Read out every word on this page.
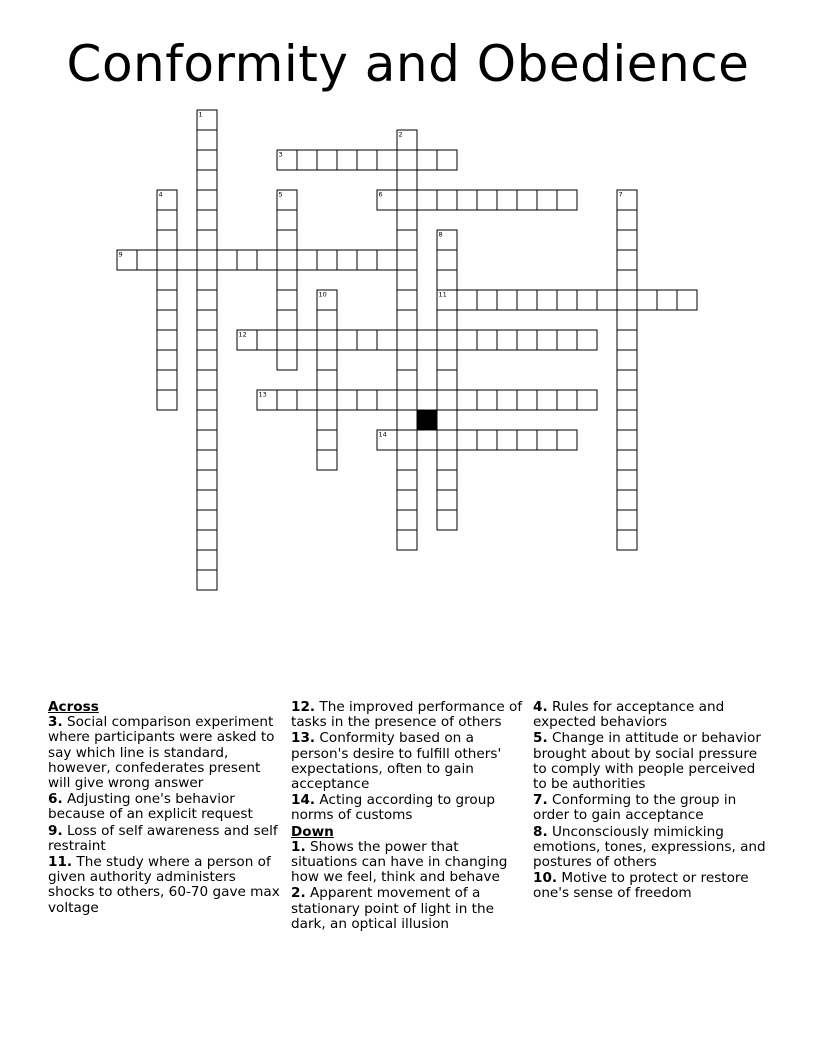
Conformity and Obedience
1
2
3
4	5	6	7
8
9
10	11
12
13
14

Across

3. Social comparison experiment where participants were asked to say which line is standard, however, confederates present will give wrong answer
6. Adjusting one's behavior because of an explicit request
9. Loss of self awareness and self restraint
11. The study where a person of given authority administers shocks to others, 60-70 gave max voltage
12. The improved performance of tasks in the presence of others
13. Conformity based on a person's desire to fulfill others' expectations, often to gain acceptance
14. Acting according to group norms of customs

Down

1. Shows the power that situations can have in changing how we feel, think and behave
2. Apparent movement of a stationary point of light in the dark, an optical illusion
4. Rules for acceptance and expected behaviors
5. Change in attitude or behavior brought about by social pressure to comply with people perceived to be authorities
7. Conforming to the group in order to gain acceptance
8. Unconsciously mimicking emotions, tones, expressions, and postures of others
10. Motive to protect or restore one's sense of freedom
